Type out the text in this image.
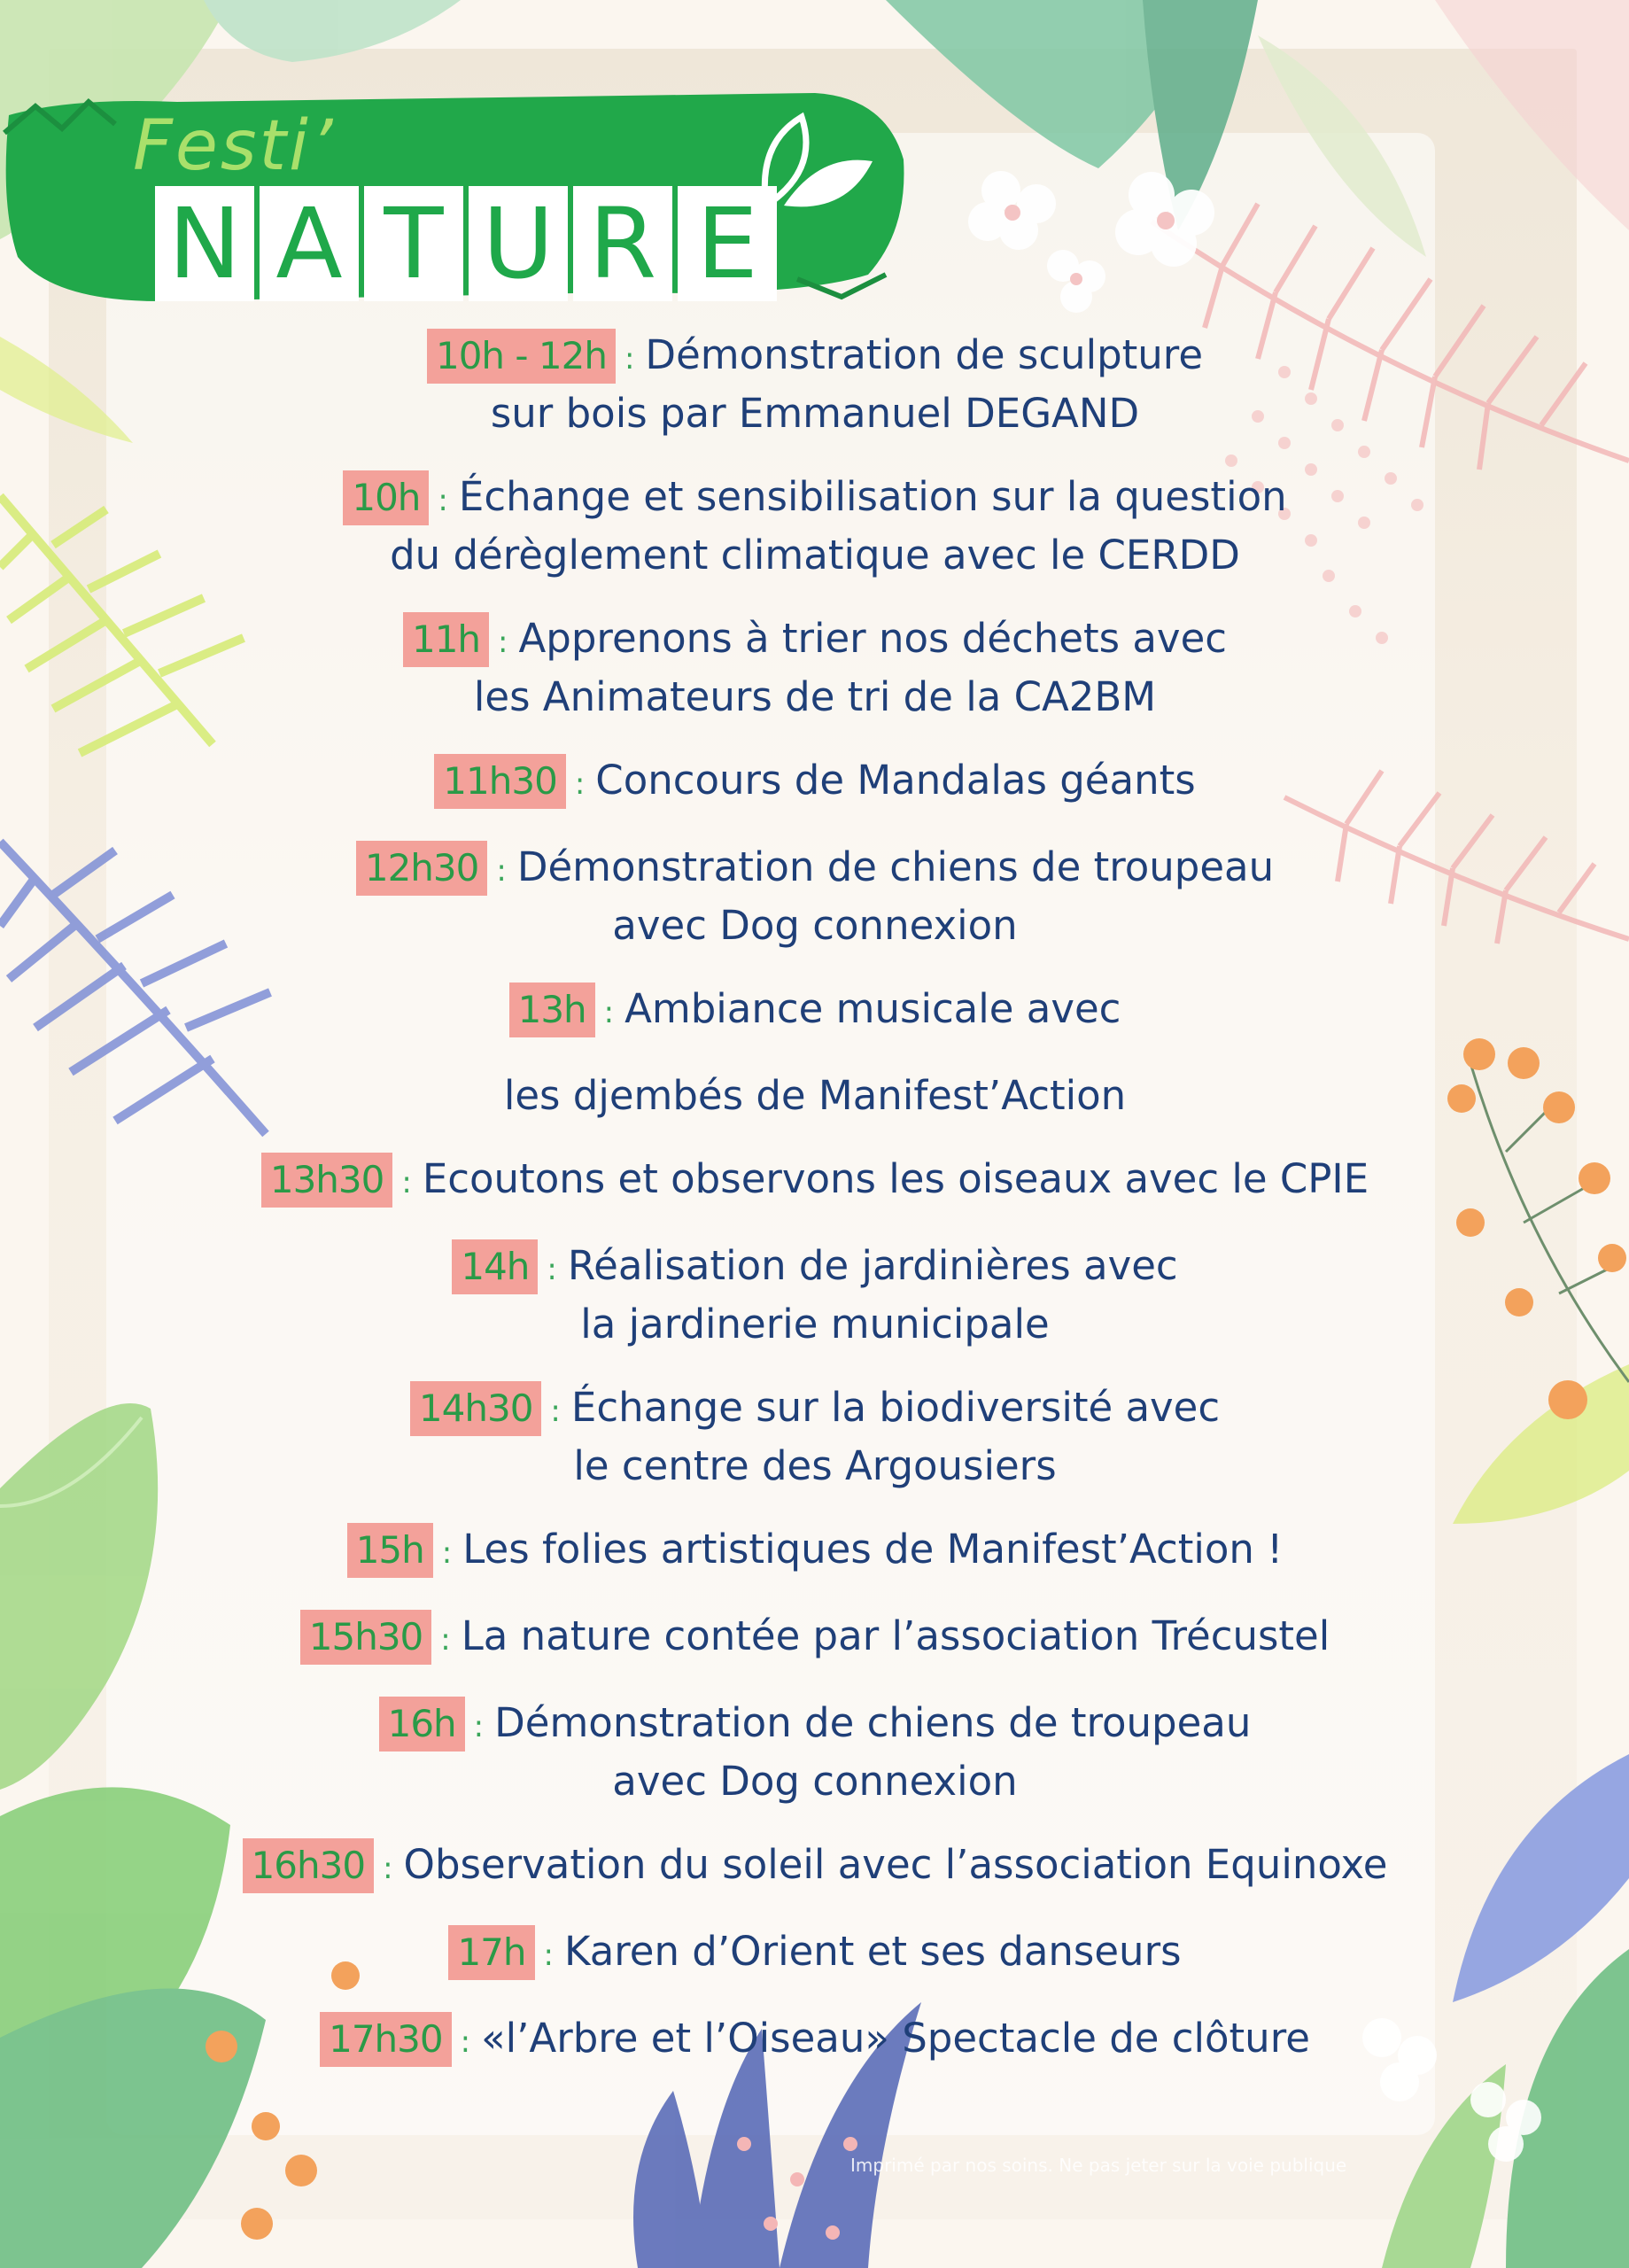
Festi’
N A T U R E

10h - 12h : Démonstration de sculpture
sur bois par Emmanuel DEGAND

10h : Échange et sensibilisation sur la question
du dérèglement climatique avec le CERDD

11h : Apprenons à trier nos déchets avec
les Animateurs de tri de la CA2BM

11h30 : Concours de Mandalas géants

12h30 : Démonstration de chiens de troupeau
avec Dog connexion

13h : Ambiance musicale avec

les djembés de Manifest’Action

13h30 : Ecoutons et observons les oiseaux avec le CPIE

14h : Réalisation de jardinières avec
la jardinerie municipale

14h30 : Échange sur la biodiversité avec
le centre des Argousiers

15h : Les folies artistiques de Manifest’Action !

15h30 : La nature contée par l’association Trécustel

16h : Démonstration de chiens de troupeau
avec Dog connexion

16h30 : Observation du soleil avec l’association Equinoxe

17h : Karen d’Orient et ses danseurs

17h30 : «l’Arbre et l’Oiseau» Spectacle de clôture

Imprimé par nos soins. Ne pas jeter sur la voie publique
